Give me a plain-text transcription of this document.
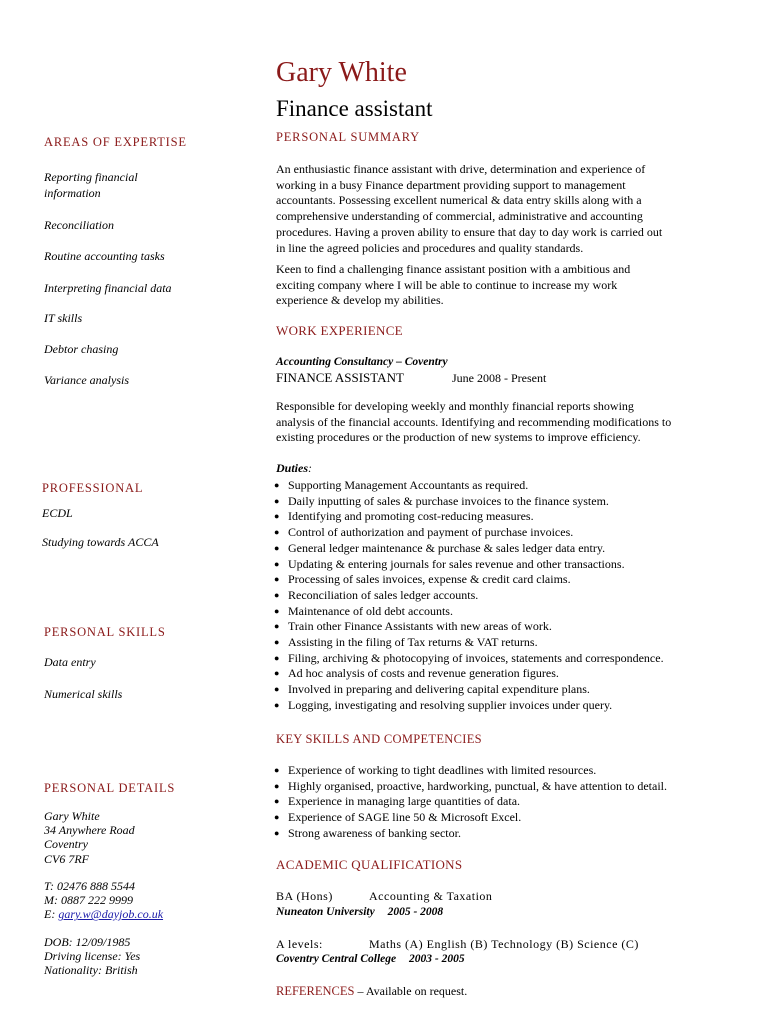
Gary White
Finance assistant
AREAS OF EXPERTISE
Reporting financial information
Reconciliation
Routine accounting tasks
Interpreting financial data
IT skills
Debtor chasing
Variance analysis
PROFESSIONAL
ECDL
Studying towards ACCA
PERSONAL SKILLS
Data entry
Numerical skills
PERSONAL DETAILS
Gary White
34 Anywhere Road
Coventry
CV6 7RF
T: 02476 888 5544
M: 0887 222 9999
E: gary.w@dayjob.co.uk
DOB: 12/09/1985
Driving license: Yes
Nationality: British
PERSONAL SUMMARY
An enthusiastic finance assistant with drive, determination and experience of
working in a busy Finance department providing support to management
accountants. Possessing excellent numerical & data entry skills along with a
comprehensive understanding of commercial, administrative and accounting
procedures. Having a proven ability to ensure that day to day work is carried out
in line the agreed policies and procedures and quality standards.
Keen to find a challenging finance assistant position with a ambitious and
exciting company where I will be able to continue to increase my work
experience & develop my abilities.
WORK EXPERIENCE
Accounting Consultancy – Coventry
FINANCE ASSISTANT	June 2008 - Present
Responsible for developing weekly and monthly financial reports showing
analysis of the financial accounts. Identifying and recommending modifications to
existing procedures or the production of new systems to improve efficiency.
Duties:
● Supporting Management Accountants as required.
● Daily inputting of sales & purchase invoices to the finance system.
● Identifying and promoting cost-reducing measures.
● Control of authorization and payment of purchase invoices.
● General ledger maintenance & purchase & sales ledger data entry.
● Updating & entering journals for sales revenue and other transactions.
● Processing of sales invoices, expense & credit card claims.
● Reconciliation of sales ledger accounts.
● Maintenance of old debt accounts.
● Train other Finance Assistants with new areas of work.
● Assisting in the filing of Tax returns & VAT returns.
● Filing, archiving & photocopying of invoices, statements and correspondence.
● Ad hoc analysis of costs and revenue generation figures.
● Involved in preparing and delivering capital expenditure plans.
● Logging, investigating and resolving supplier invoices under query.
KEY SKILLS AND COMPETENCIES
● Experience of working to tight deadlines with limited resources.
● Highly organised, proactive, hardworking, punctual, & have attention to detail.
● Experience in managing large quantities of data.
● Experience of SAGE line 50 & Microsoft Excel.
● Strong awareness of banking sector.
ACADEMIC QUALIFICATIONS
BA (Hons)	Accounting & Taxation
Nuneaton University 2005 - 2008
A levels:	Maths (A) English (B) Technology (B) Science (C)
Coventry Central College 2003 - 2005
REFERENCES – Available on request.
